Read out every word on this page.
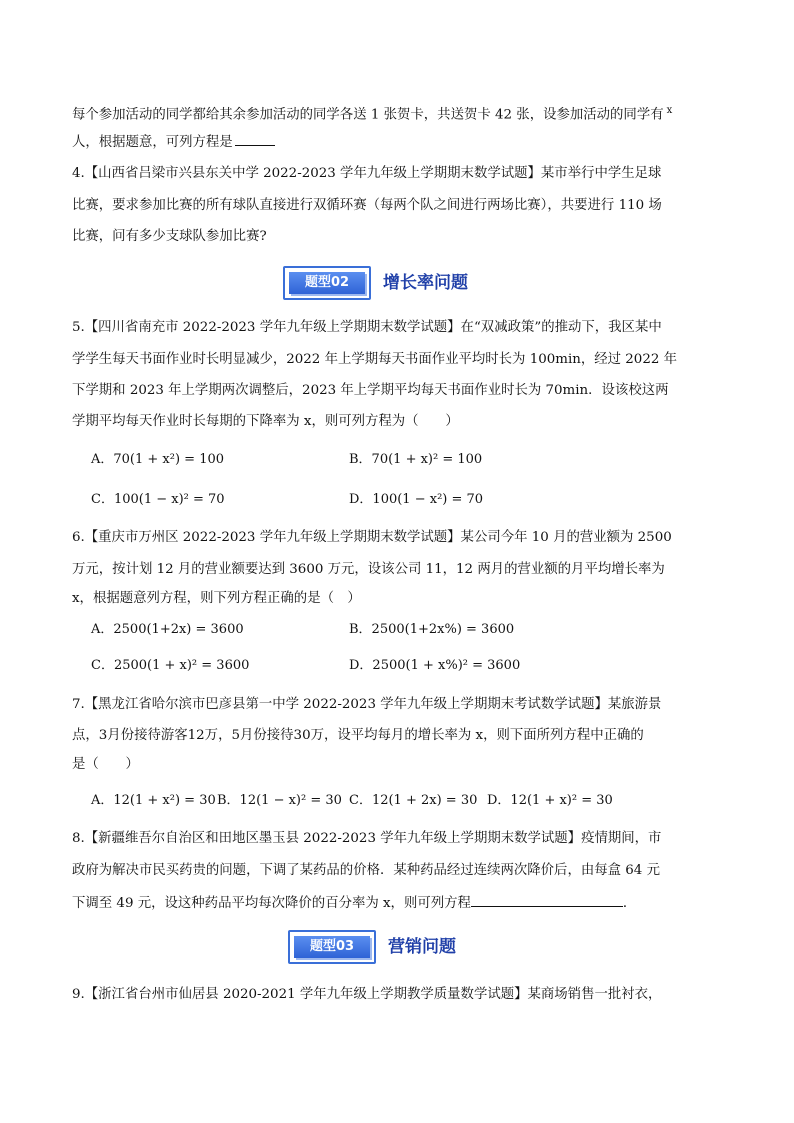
每个参加活动的同学都给其余参加活动的同学各送 1 张贺卡，共送贺卡 42 张，设参加活动的同学有 $^x$
人，根据题意，可列方程是
4.【山西省吕梁市兴县东关中学 2022-2023 学年九年级上学期期末数学试题】某市举行中学生足球
比赛，要求参加比赛的所有球队直接进行双循环赛（每两个队之间进行两场比赛），共要进行 110 场
比赛，问有多少支球队参加比赛?
题型02	增长率问题
5.【四川省南充市 2022-2023 学年九年级上学期期末数学试题】在“双减政策”的推动下，我区某中
学学生每天书面作业时长明显减少，2022 年上学期每天书面作业平均时长为 100min，经过 2022 年
下学期和 2023 年上学期两次调整后，2023 年上学期平均每天书面作业时长为 70min．设该校这两
学期平均每天作业时长每期的下降率为 x，则可列方程为（　　）
A．70(1 + x²) = 100	B．70(1 + x)² = 100
C．100(1 − x)² = 70	D．100(1 − x²) = 70
6.【重庆市万州区 2022-2023 学年九年级上学期期末数学试题】某公司今年 10 月的营业额为 2500
万元，按计划 12 月的营业额要达到 3600 万元，设该公司 11，12 两月的营业额的月平均增长率为
x，根据题意列方程，则下列方程正确的是（　）
A．2500(1+2x) = 3600	B．2500(1+2x%) = 3600
C．2500(1 + x)² = 3600	D．2500(1 + x%)² = 3600
7.【黑龙江省哈尔滨市巴彦县第一中学 2022-2023 学年九年级上学期期末考试数学试题】某旅游景
点，3月份接待游客12万，5月份接待30万，设平均每月的增长率为 x，则下面所列方程中正确的
是（　　）
A．12(1 + x²) = 30 B．12(1 − x)² = 30 C．12(1 + 2x) = 30 D．12(1 + x)² = 30
8.【新疆维吾尔自治区和田地区墨玉县 2022-2023 学年九年级上学期期末数学试题】疫情期间，市
政府为解决市民买药贵的问题，下调了某药品的价格．某种药品经过连续两次降价后，由每盒 64 元
下调至 49 元，设这种药品平均每次降价的百分率为 x，则可列方程	．
题型03	营销问题
9.【浙江省台州市仙居县 2020-2021 学年九年级上学期教学质量数学试题】某商场销售一批衬衣，
